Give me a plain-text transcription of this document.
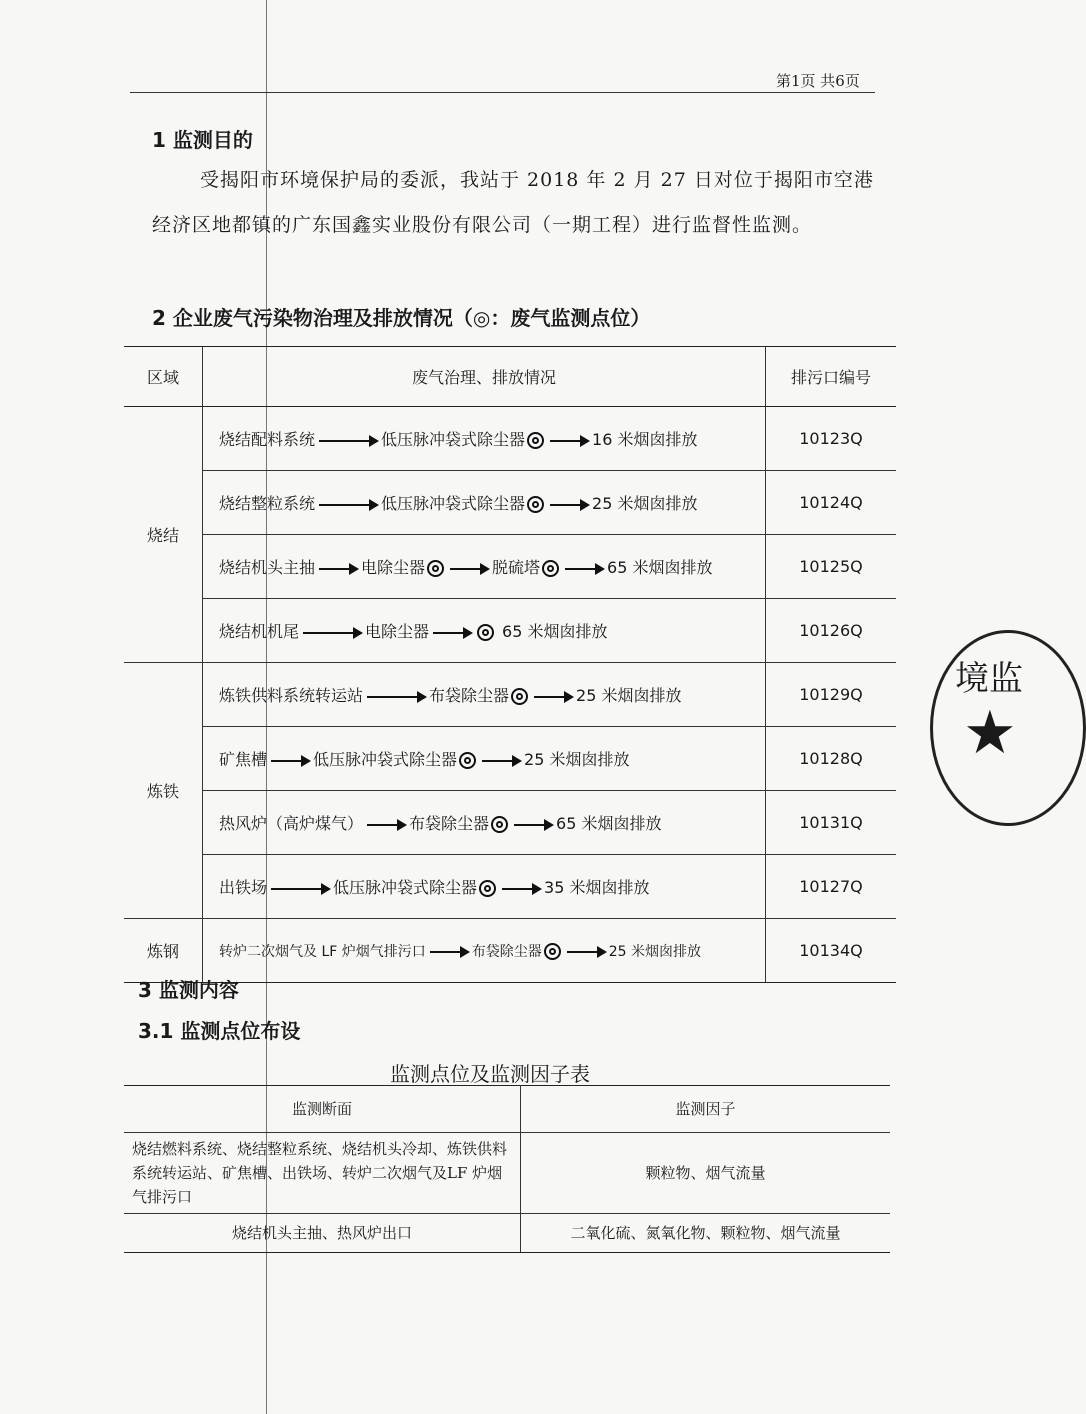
第1页 共6页
1 监测目的
受揭阳市环境保护局的委派，我站于 2018 年 2 月 27 日对位于揭阳市空港经济区地都镇的广东国鑫实业股份有限公司（一期工程）进行监督性监测。
2 企业废气污染物治理及排放情况（◎：废气监测点位）
区域	废气治理、排放情况	排污口编号
烧结	烧结配料系统 低压脉冲袋式除尘器 16 米烟囱排放	10123Q
	烧结整粒系统 低压脉冲袋式除尘器 25 米烟囱排放	10124Q
	烧结机头主抽 电除尘器 脱硫塔 65 米烟囱排放	10125Q
	烧结机机尾 电除尘器 65 米烟囱排放	10126Q
炼铁	炼铁供料系统转运站 布袋除尘器 25 米烟囱排放	10129Q
	矿焦槽 低压脉冲袋式除尘器 25 米烟囱排放	10128Q
	热风炉（高炉煤气） 布袋除尘器 65 米烟囱排放	10131Q
	出铁场 低压脉冲袋式除尘器 35 米烟囱排放	10127Q
炼钢	转炉二次烟气及 LF 炉烟气排污口 布袋除尘器 25 米烟囱排放	10134Q
3 监测内容
3.1 监测点位布设
监测点位及监测因子表
监测断面	监测因子
烧结燃料系统、烧结整粒系统、烧结机头冷却、炼铁供料系统转运站、矿焦槽、出铁场、转炉二次烟气及LF 炉烟气排污口	颗粒物、烟气流量
烧结机头主抽、热风炉出口	二氧化硫、氮氧化物、颗粒物、烟气流量
境监
★
